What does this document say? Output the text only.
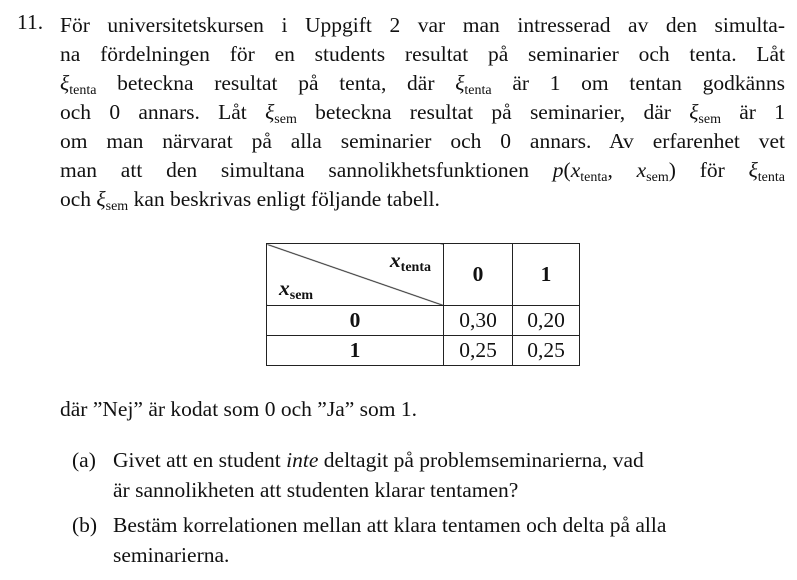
11. För universitetskursen i Uppgift 2 var man intresserad av den simulta-
na fördelningen för en students resultat på seminarier och tenta. Låt
$\xi_{tenta}$ beteckna resultat på tenta, där $\xi_{tenta}$ är 1 om tentan godkänns
och 0 annars. Låt $\xi_{sem}$ beteckna resultat på seminarier, där $\xi_{sem}$ är 1
om man närvarat på alla seminarier och 0 annars. Av erfarenhet vet
man att den simultana sannolikhetsfunktionen $p(x_{tenta}$, $x_{sem}$) för $\xi_{tenta}$
och $\xi_{sem}$ kan beskrivas enligt följande tabell.
$x_{tenta}$
$x_{sem}$	0	1
0	0,30	0,20
1	0,25	0,25
där ”Nej” är kodat som 0 och ”Ja” som 1.
(a) Givet att en student inte deltagit på problemseminarierna, vad
är sannolikheten att studenten klarar tentamen?
(b) Bestäm korrelationen mellan att klara tentamen och delta på alla
seminarierna.
